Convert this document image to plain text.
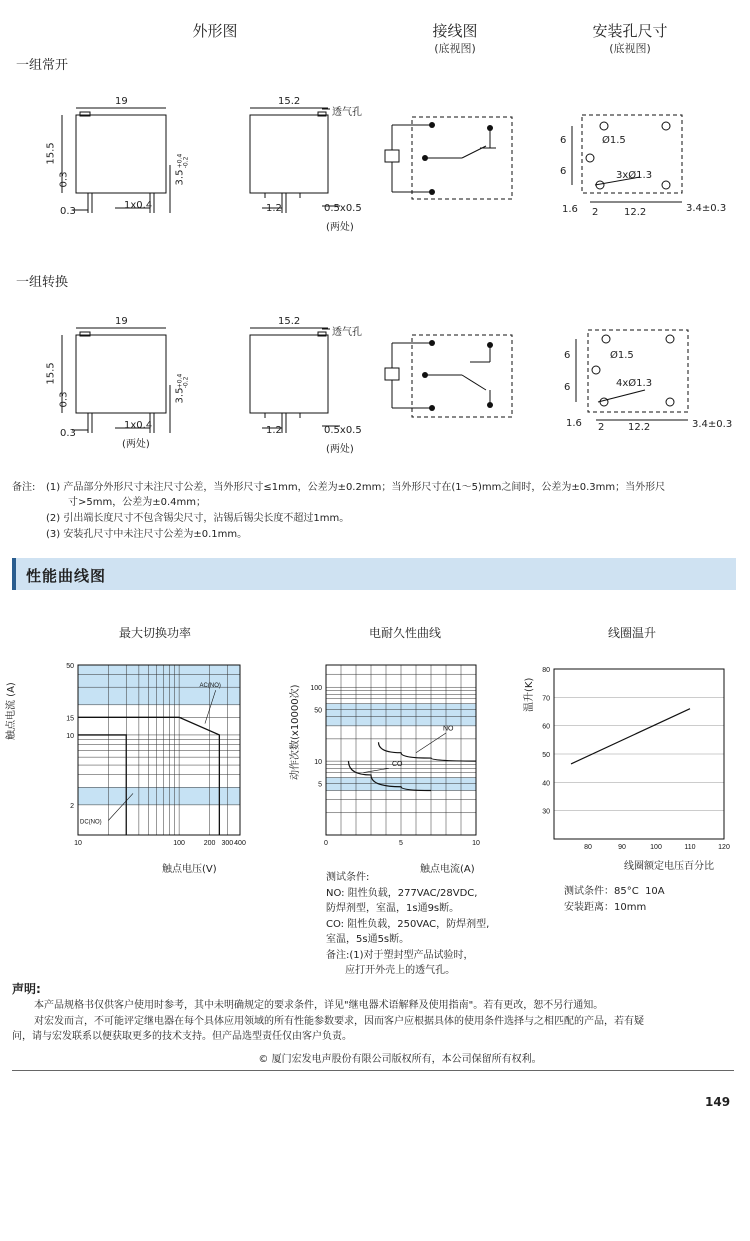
外形图	接线图
(底视图)
安装孔尺寸
(底视图)
一组常开
一组转换
19
15.5
0.3	3.5
0.3
1x0.4
15.2
透气孔
1.2	0.5x0.5
(两处)
Ø1.5
3xØ1.3
6
6
1.6 2	12.2	3.4±0.3
19
15.5
0.3	3.5
0.3
1x0.4
(两处)
15.2
透气孔
1.2	0.5x0.5
(两处)
Ø1.5
4xØ1.3
6
6
1.6 2 12.2	3.4±0.3
备注: (1) 产品部分外形尺寸未注尺寸公差，当外形尺寸≤1mm，公差为±0.2mm；当外形尺寸在(1～5)mm之间时，公差为±0.3mm；当外形尺
寸>5mm，公差为±0.4mm；
(2) 引出端长度尺寸不包含锡尖尺寸，沾锡后锡尖长度不超过1mm。
(3) 安装孔尺寸中未注尺寸公差为±0.1mm。
性能曲线图
最大切换功率	电耐久性曲线	线圈温升
10	100	200 300 400
2
10
15
50
AC(NO)
DC(NO)
触点电流 (A)
触点电压(V)
0	5	10
5
10
50
100
NO
CO
动作次数(x10000次)
触点电流(A)
80	90	100	110	120
30
40
50
60
70
80
温升(K)
线圈额定电压百分比
测试条件:
NO: 阻性负载，277VAC/28VDC,
防焊剂型，室温，1s通9s断。
CO: 阻性负载，250VAC，防焊剂型,
室温，5s通5s断。
备注:(1)对于塑封型产品试验时，
应打开外壳上的透气孔。
测试条件：85°C  10A
安装距离：10mm
声明:
本产品规格书仅供客户使用时参考，其中未明确规定的要求条件，详见"继电器术语解释及使用指南"。若有更改，恕不另行通知。
对宏发而言，不可能评定继电器在每个具体应用领域的所有性能参数要求，因而客户应根据具体的使用条件选择与之相匹配的产品，若有疑
问，请与宏发联系以便获取更多的技术支持。但产品选型责任仅由客户负责。
© 厦门宏发电声股份有限公司版权所有，本公司保留所有权利。
149
+0.4
-0.2
+0.4
-0.2
